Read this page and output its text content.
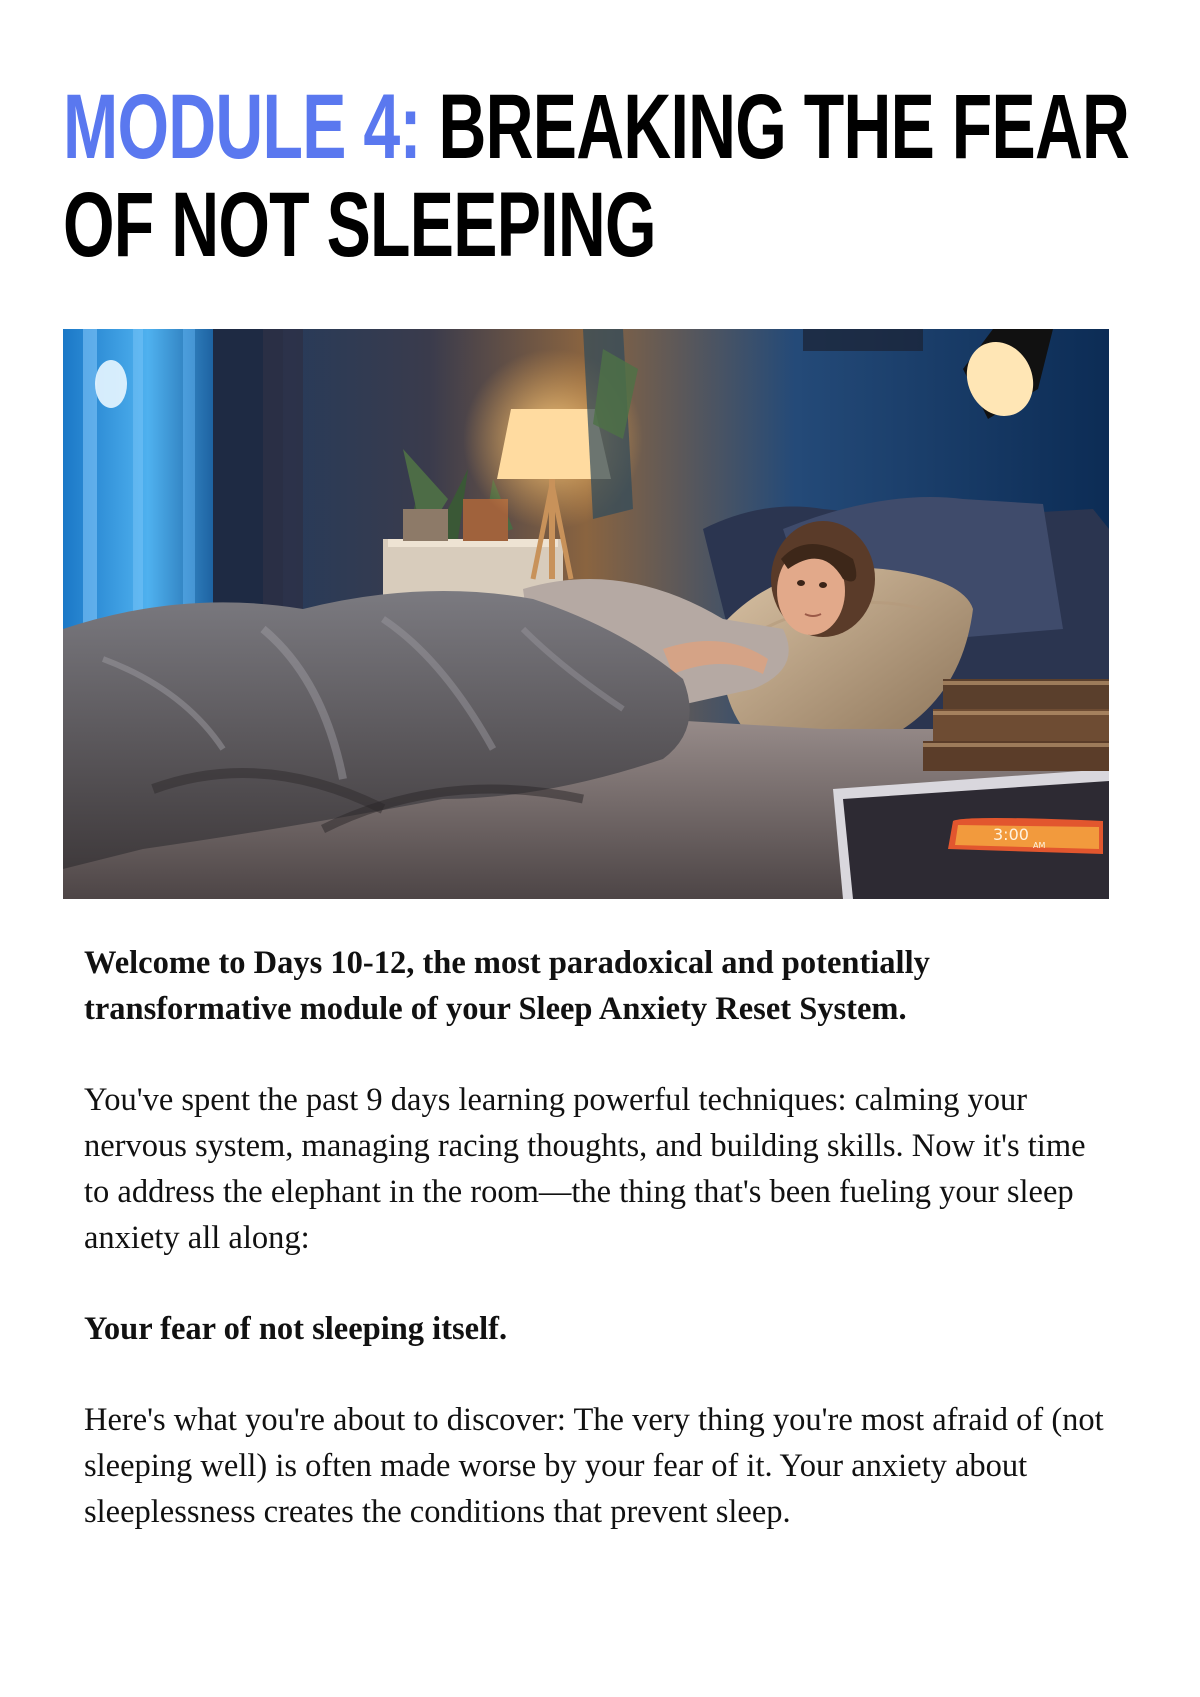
MODULE 4: BREAKING THE FEAR OF NOT SLEEPING
3:00
AM

Welcome to Days 10-12, the most paradoxical and potentially transformative module of your Sleep Anxiety Reset System.

You've spent the past 9 days learning powerful techniques: calming your nervous system, managing racing thoughts, and building skills. Now it's time to address the elephant in the room—the thing that's been fueling your sleep anxiety all along:

Your fear of not sleeping itself.

Here's what you're about to discover: The very thing you're most afraid of (not sleeping well) is often made worse by your fear of it. Your anxiety about sleeplessness creates the conditions that prevent sleep.
